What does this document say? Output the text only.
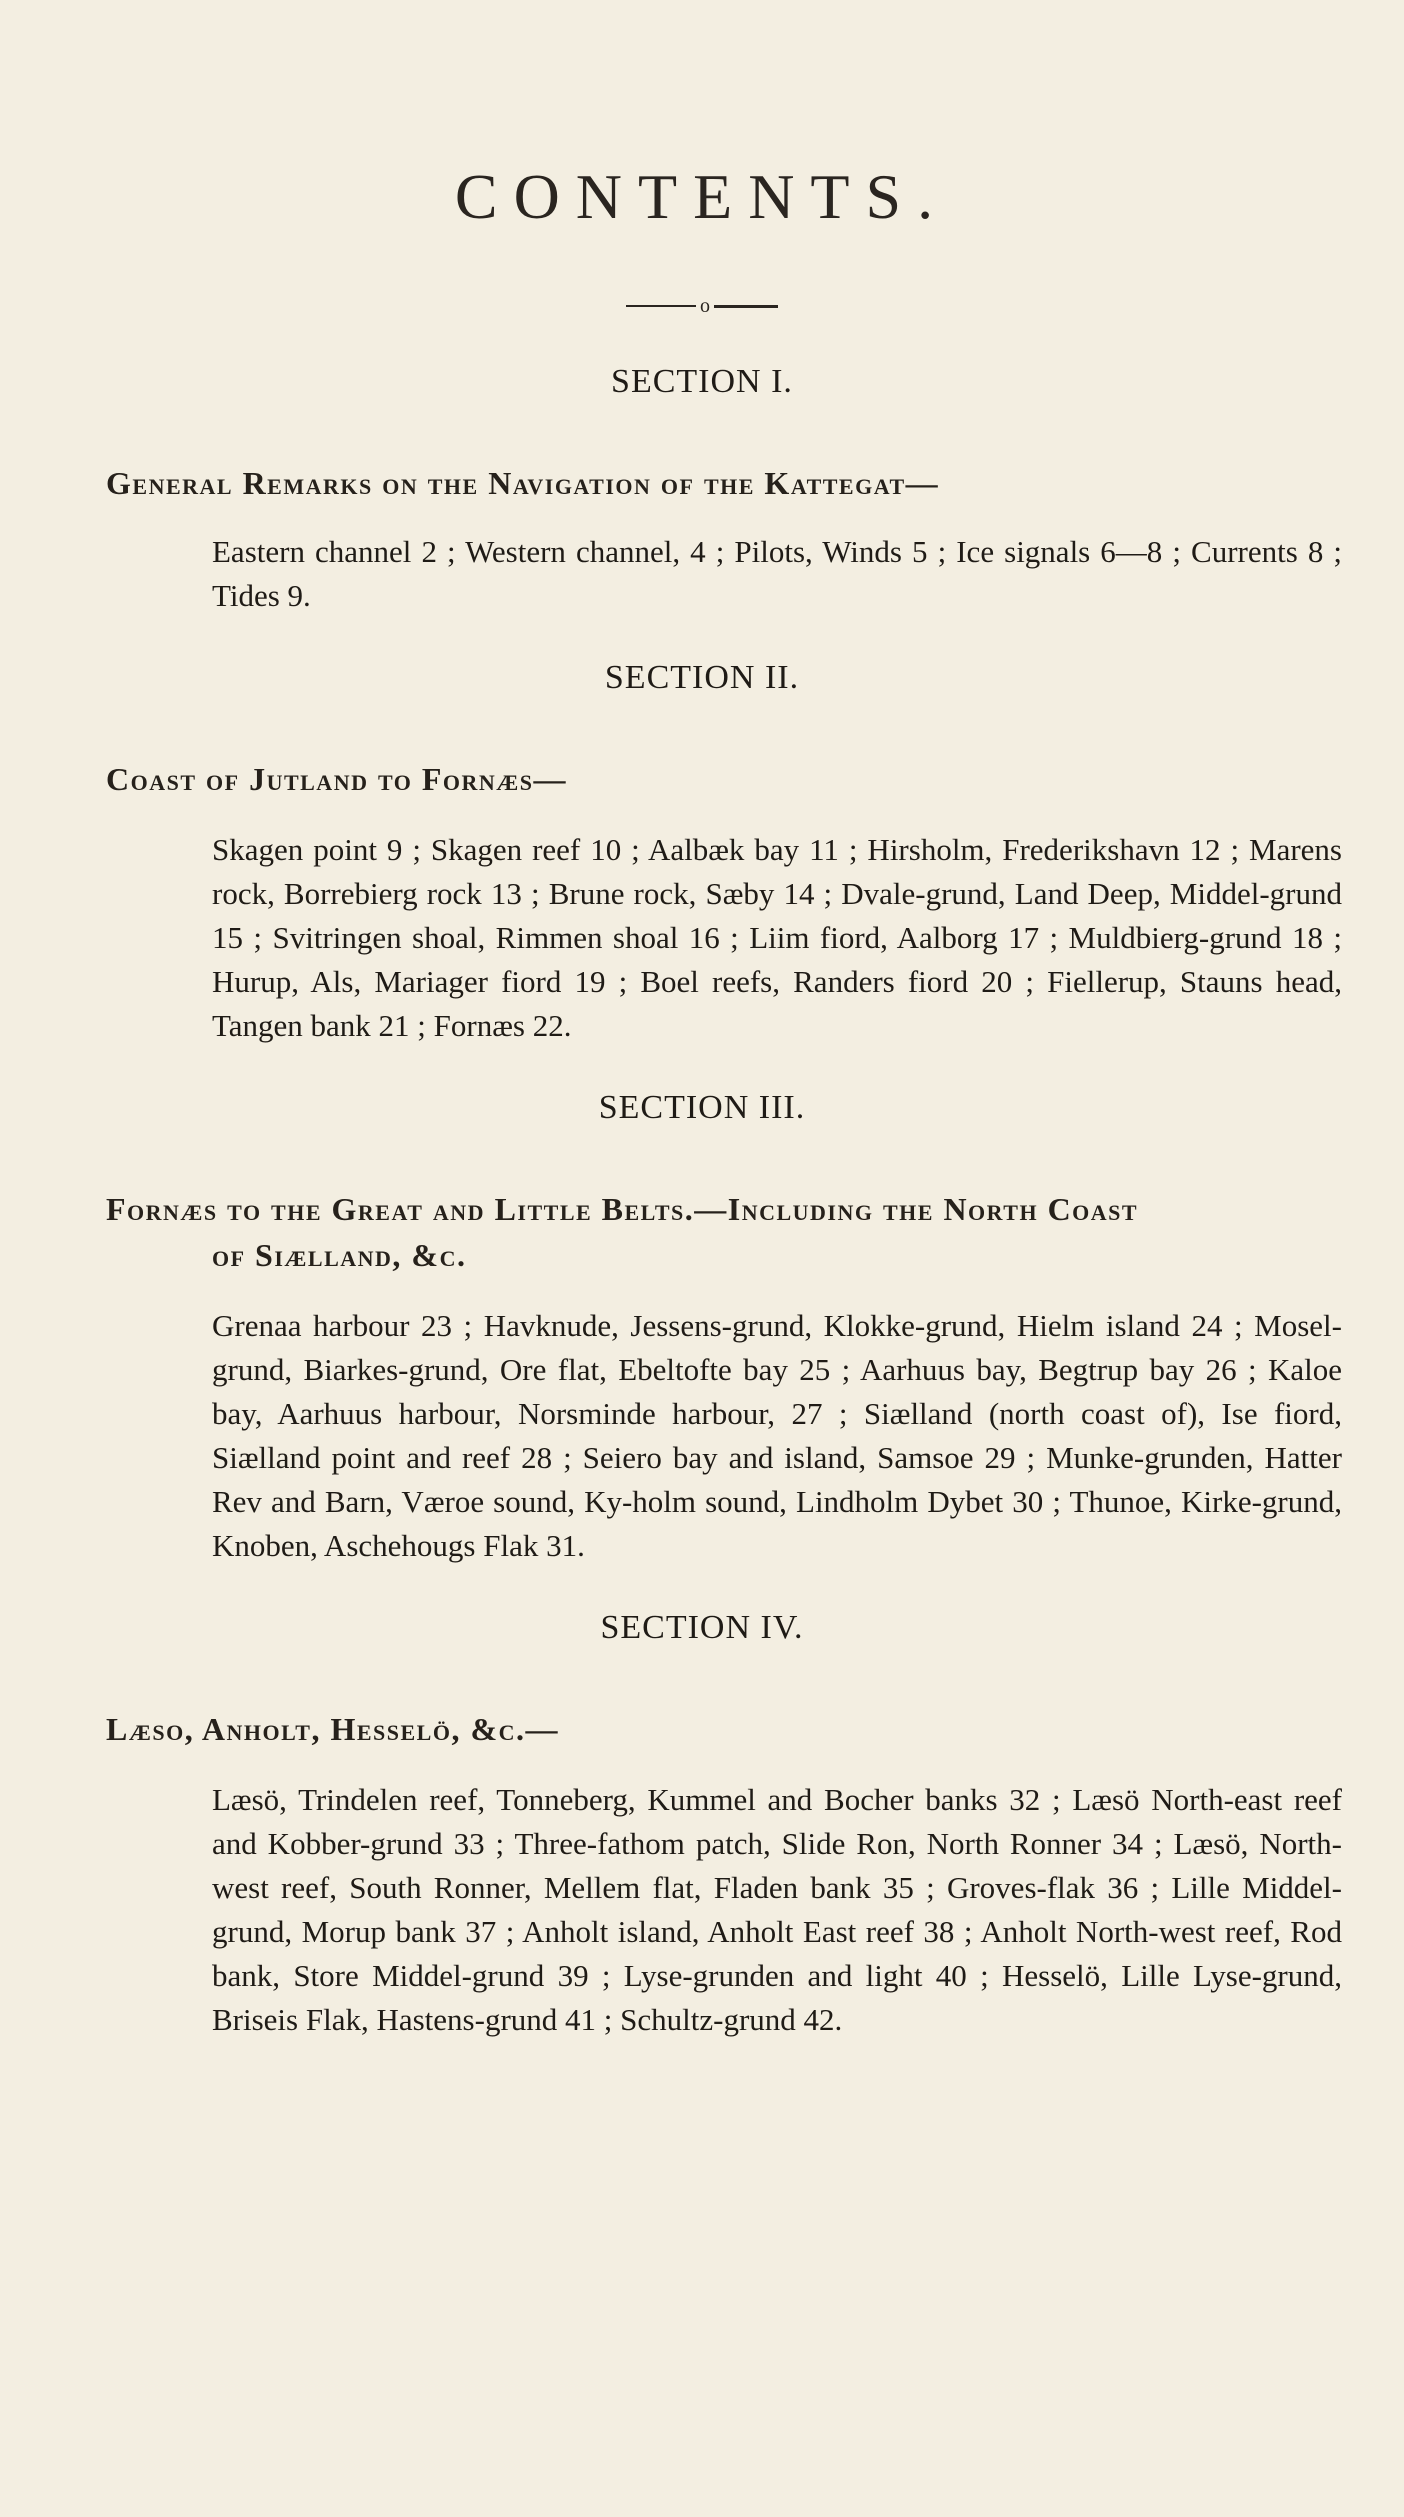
CONTENTS.
o
SECTION I.
General Remarks on the Navigation of the Kattegat—
Eastern channel 2 ; Western channel, 4 ; Pilots, Winds 5 ; Ice signals 6—8 ; Currents 8 ; Tides 9.
SECTION II.
Coast of Jutland to Fornæs—
Skagen point 9 ; Skagen reef 10 ; Aalbæk bay 11 ; Hirsholm, Frederikshavn 12 ; Marens rock, Borrebierg rock 13 ; Brune rock, Sæby 14 ; Dvale-grund, Land Deep, Middel-grund 15 ; Svitringen shoal, Rimmen shoal 16 ; Liim fiord, Aalborg 17 ; Muldbierg-grund 18 ; Hurup, Als, Mariager fiord 19 ; Boel reefs, Randers fiord 20 ; Fiellerup, Stauns head, Tangen bank 21 ; Fornæs 22.
SECTION III.
Fornæs to the Great and Little Belts.—Including the North Coast
of Siælland, &c.
Grenaa harbour 23 ; Havknude, Jessens-grund, Klokke-grund, Hielm island 24 ; Mosel-grund, Biarkes-grund, Ore flat, Ebeltofte bay 25 ; Aarhuus bay, Begtrup bay 26 ; Kaloe bay, Aarhuus harbour, Norsminde harbour, 27 ; Siælland (north coast of), Ise fiord, Siælland point and reef 28 ; Seiero bay and island, Samsoe 29 ; Munke-grunden, Hatter Rev and Barn, Væroe sound, Ky-holm sound, Lindholm Dybet 30 ; Thunoe, Kirke-grund, Knoben, Aschehougs Flak 31.
SECTION IV.
Læso, Anholt, Hesselö, &c.—
Læsö, Trindelen reef, Tonneberg, Kummel and Bocher banks 32 ; Læsö North-east reef and Kobber-grund 33 ; Three-fathom patch, Slide Ron, North Ronner 34 ; Læsö, North-west reef, South Ronner, Mellem flat, Fladen bank 35 ; Groves-flak 36 ; Lille Middel-grund, Morup bank 37 ; Anholt island, Anholt East reef 38 ; Anholt North-west reef, Rod bank, Store Middel-grund 39 ; Lyse-grunden and light 40 ; Hesselö, Lille Lyse-grund, Briseis Flak, Hastens-grund 41 ; Schultz-grund 42.
